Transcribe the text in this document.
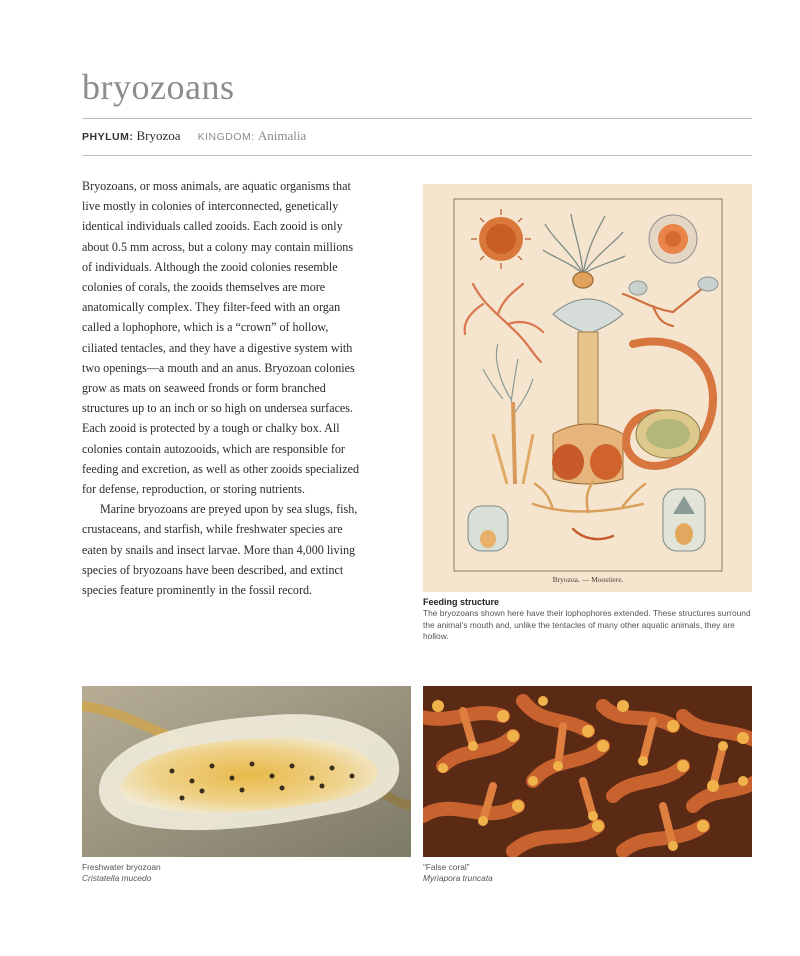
bryozoans
PHYLUM: Bryozoa KINGDOM: Animalia

Bryozoans, or moss animals, are aquatic organisms that live mostly in colonies of interconnected, genetically identical individuals called zooids. Each zooid is only about 0.5 mm across, but a colony may contain millions of individuals. Although the zooid colonies resemble colonies of corals, the zooids themselves are more anatomically complex. They filter-feed with an organ called a lophophore, which is a “crown” of hollow, ciliated tentacles, and they have a digestive system with two openings—a mouth and an anus. Bryozoan colonies grow as mats on seaweed fronds or form branched structures up to an inch or so high on undersea surfaces. Each zooid is protected by a tough or chalky box. All colonies contain autozooids, which are responsible for feeding and excretion, as well as other zooids specialized for defense, reproduction, or storing nutrients.

Marine bryozoans are preyed upon by sea slugs, fish, crustaceans, and starfish, while freshwater species are eaten by snails and insect larvae. More than 4,000 living species of bryozoans have been described, and extinct species feature prominently in the fossil record.

Bryozoa. — Moostiere.
Feeding structure
The bryozoans shown here have their lophophores extended. These structures surround the animal’s mouth and, unlike the tentacles of many other aquatic animals, they are hollow.
Freshwater bryozoan
Cristatella mucedo
“False coral”
Myriapora truncata
